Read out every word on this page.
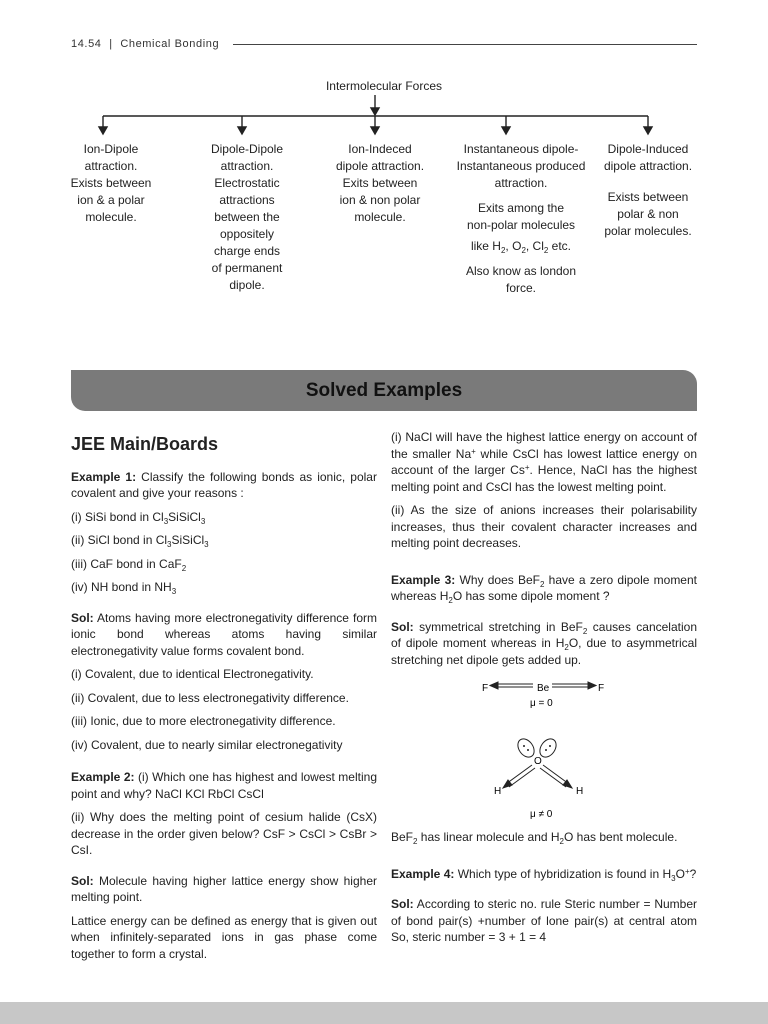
14.54 | Chemical Bonding
Intermolecular Forces

Ion-Dipole

attraction.

Exists between

ion & a polar

molecule.

Dipole-Dipole

attraction.

Electrostatic

attractions

between the

oppositely

charge ends

of permanent

dipole.

Ion-Indeced

dipole attraction.

Exits between

ion & non polar

molecule.

Instantaneous dipole-

Instantaneous produced

attraction.

Exits among the

non-polar molecules

like $H_2$, $O_2$, $Cl_2$ etc.

Also know as london

force.

Dipole-Induced

dipole attraction.

Exists between

polar & non

polar molecules.

Solved Examples
JEE Main/Boards

Example 1: Classify the following bonds as ionic, polar covalent and give your reasons :

(i) SiSi bond in $Cl_3SiSiCl_3$

(ii) SiCl bond in $Cl_3SiSiCl_3$

(iii) CaF bond in CaF$_2$

(iv) NH bond in $NH_3$

Sol: Atoms having more electronegativity difference form ionic bond whereas atoms having similar electronegativity value forms covalent bond.

(i) Covalent, due to identical Electronegativity.

(ii) Covalent, due to less electronegativity difference.

(iii) Ionic, due to more electronegativity difference.

(iv) Covalent, due to nearly similar electronegativity

Example 2: (i) Which one has highest and lowest melting point and why? NaCl KCl RbCl CsCl

(ii) Why does the melting point of cesium halide (CsX) decrease in the order given below? CsF > CsCl > CsBr > CsI.

Sol: Molecule having higher lattice energy show higher melting point.

Lattice energy can be defined as energy that is given out when infinitely-separated ions in gas phase come together to form a crystal.

(i) NaCl will have the highest lattice energy on account of the smaller Na+ while CsCl has lowest lattice energy on account of the larger Cs+. Hence, NaCl has the highest melting point and CsCl has the lowest melting point.

(ii) As the size of anions increases their polarisability increases, thus their covalent character increases and melting point decreases.

Example 3: Why does BeF$_2$ have a zero dipole moment whereas $H_2O$ has some dipole moment ?

Sol: symmetrical stretching in BeF$_2$ causes cancelation of dipole moment whereas in $H_2O$, due to asymmetrical stretching net dipole gets added up.

F	Be	F
μ = 0
O
H	H
μ ≠ 0

BeF$_2$ has linear molecule and $H_2O$ has bent molecule.

Example 4: Which type of hybridization is found in $H_3O^+$?

Sol: According to steric no. rule Steric number = Number of bond pair(s) +number of lone pair(s) at central atom So, steric number = 3 + 1 = 4
